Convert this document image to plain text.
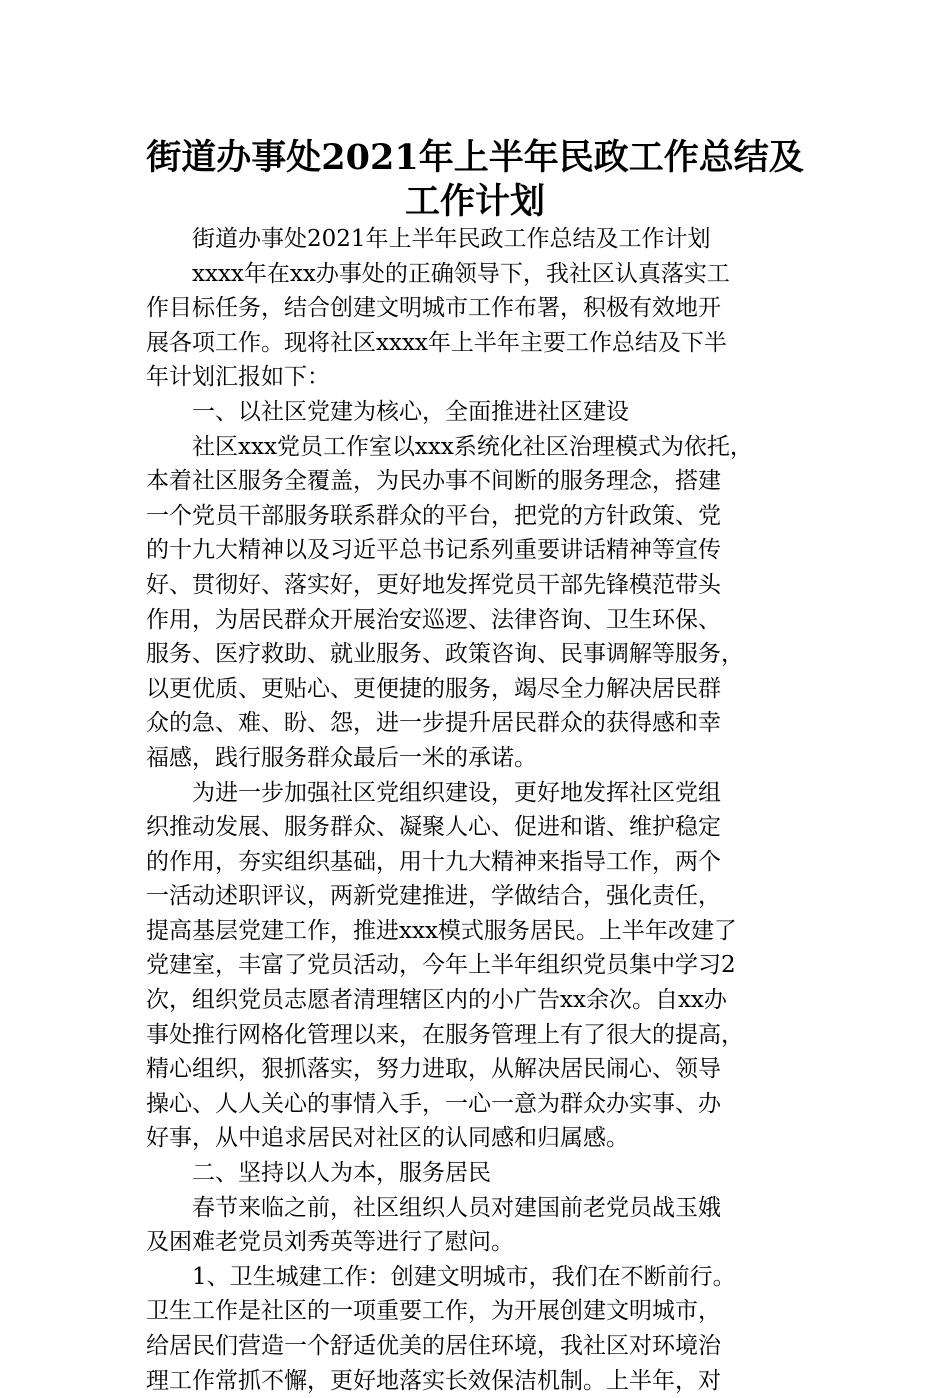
街道办事处2021年上半年民政工作总结及
工作计划
街道办事处2021年上半年民政工作总结及工作计划
xxxx年在xx办事处的正确领导下，我社区认真落实工
作目标任务，结合创建文明城市工作布署，积极有效地开
展各项工作。现将社区xxxx年上半年主要工作总结及下半
年计划汇报如下：
一、以社区党建为核心，全面推进社区建设
社区xxx党员工作室以xxx系统化社区治理模式为依托，
本着社区服务全覆盖，为民办事不间断的服务理念，搭建
一个党员干部服务联系群众的平台，把党的方针政策、党
的十九大精神以及习近平总书记系列重要讲话精神等宣传
好、贯彻好、落实好，更好地发挥党员干部先锋模范带头
作用，为居民群众开展治安巡逻、法律咨询、卫生环保、
服务、医疗救助、就业服务、政策咨询、民事调解等服务，
以更优质、更贴心、更便捷的服务，竭尽全力解决居民群
众的急、难、盼、怨，进一步提升居民群众的获得感和幸
福感，践行服务群众最后一米的承诺。
为进一步加强社区党组织建设，更好地发挥社区党组
织推动发展、服务群众、凝聚人心、促进和谐、维护稳定
的作用，夯实组织基础，用十九大精神来指导工作，两个
一活动述职评议，两新党建推进，学做结合，强化责任，
提高基层党建工作，推进xxx模式服务居民。上半年改建了
党建室，丰富了党员活动，今年上半年组织党员集中学习2
次，组织党员志愿者清理辖区内的小广告xx余次。自xx办
事处推行网格化管理以来，在服务管理上有了很大的提高，
精心组织，狠抓落实，努力进取，从解决居民闹心、领导
操心、人人关心的事情入手，一心一意为群众办实事、办
好事，从中追求居民对社区的认同感和归属感。
二、坚持以人为本，服务居民
春节来临之前，社区组织人员对建国前老党员战玉娥
及困难老党员刘秀英等进行了慰问。
1、卫生城建工作：创建文明城市，我们在不断前行。
卫生工作是社区的一项重要工作，为开展创建文明城市，
给居民们营造一个舒适优美的居住环境，我社区对环境治
理工作常抓不懈，更好地落实长效保洁机制。上半年，对
